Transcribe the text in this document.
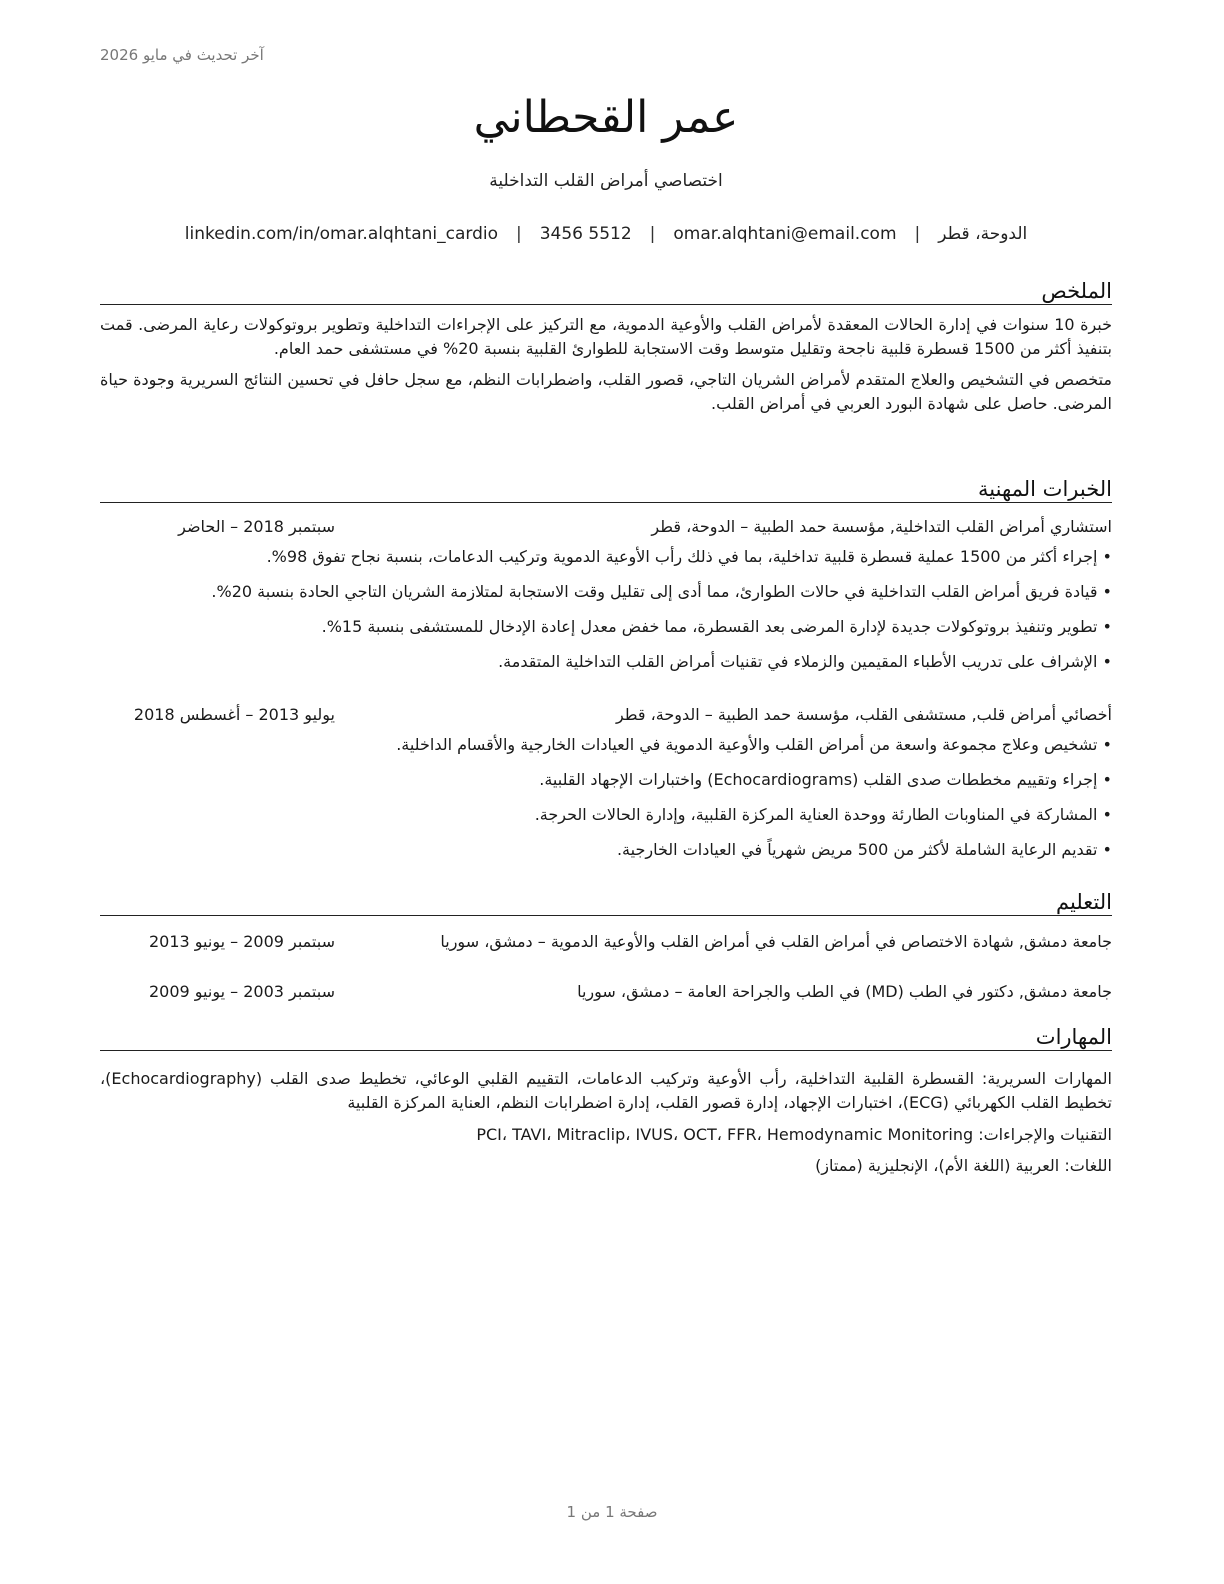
آخر تحديث في مايو 2026
عمر القحطاني
اختصاصي أمراض القلب التداخلية
الدوحة، قطر
|
omar.alqhtani@email.com
|
3456 5512
|
linkedin.com/in/omar.alqhtani_cardio
الملخص

خبرة 10 سنوات في إدارة الحالات المعقدة لأمراض القلب والأوعية الدموية، مع التركيز على الإجراءات التداخلية وتطوير بروتوكولات رعاية المرضى. قمت بتنفيذ أكثر من 1500 قسطرة قلبية ناجحة وتقليل متوسط وقت الاستجابة للطوارئ القلبية بنسبة 20% في مستشفى حمد العام.

متخصص في التشخيص والعلاج المتقدم لأمراض الشريان التاجي، قصور القلب، واضطرابات النظم، مع سجل حافل في تحسين النتائج السريرية وجودة حياة المرضى. حاصل على شهادة البورد العربي في أمراض القلب.

الخبرات المهنية
استشاري أمراض القلب التداخلية, مؤسسة حمد الطبية – الدوحة، قطر
سبتمبر 2018 – الحاضر
• إجراء أكثر من 1500 عملية قسطرة قلبية تداخلية، بما في ذلك رأب الأوعية الدموية وتركيب الدعامات، بنسبة نجاح تفوق 98%.
• قيادة فريق أمراض القلب التداخلية في حالات الطوارئ، مما أدى إلى تقليل وقت الاستجابة لمتلازمة الشريان التاجي الحادة بنسبة 20%.
• تطوير وتنفيذ بروتوكولات جديدة لإدارة المرضى بعد القسطرة، مما خفض معدل إعادة الإدخال للمستشفى بنسبة 15%.
• الإشراف على تدريب الأطباء المقيمين والزملاء في تقنيات أمراض القلب التداخلية المتقدمة.
أخصائي أمراض قلب, مستشفى القلب، مؤسسة حمد الطبية – الدوحة، قطر
يوليو 2013 – أغسطس 2018
• تشخيص وعلاج مجموعة واسعة من أمراض القلب والأوعية الدموية في العيادات الخارجية والأقسام الداخلية.
• إجراء وتقييم مخططات صدى القلب (Echocardiograms) واختبارات الإجهاد القلبية.
• المشاركة في المناوبات الطارئة ووحدة العناية المركزة القلبية، وإدارة الحالات الحرجة.
• تقديم الرعاية الشاملة لأكثر من 500 مريض شهرياً في العيادات الخارجية.
التعليم
جامعة دمشق, شهادة الاختصاص في أمراض القلب في أمراض القلب والأوعية الدموية – دمشق، سوريا
سبتمبر 2009 – يونيو 2013
جامعة دمشق, دكتور في الطب (MD) في الطب والجراحة العامة – دمشق، سوريا
سبتمبر 2003 – يونيو 2009
المهارات

المهارات السريرية: القسطرة القلبية التداخلية، رأب الأوعية وتركيب الدعامات، التقييم القلبي الوعائي، تخطيط صدى القلب (Echocardiography)، تخطيط القلب الكهربائي (ECG)، اختبارات الإجهاد، إدارة قصور القلب، إدارة اضطرابات النظم، العناية المركزة القلبية

التقنيات والإجراءات: PCI، TAVI، Mitraclip، IVUS، OCT، FFR، Hemodynamic Monitoring

اللغات: العربية (اللغة الأم)، الإنجليزية (ممتاز)

صفحة 1 من 1
